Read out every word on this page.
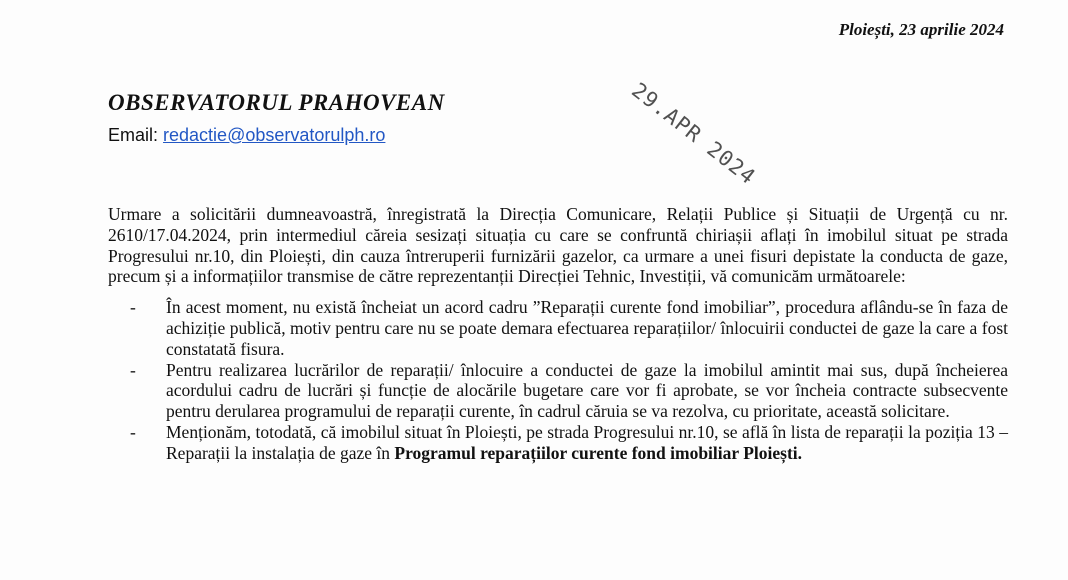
Ploiești, 23 aprilie 2024
29.APR 2024
OBSERVATORUL PRAHOVEAN
Email: redactie@observatorulph.ro

Urmare a solicitării dumneavoastră, înregistrată la Direcția Comunicare, Relații Publice și Situații de Urgență cu nr. 2610/17.04.2024, prin intermediul căreia sesizați situația cu care se confruntă chiriașii aflați în imobilul situat pe strada Progresului nr.10, din Ploiești, din cauza întreruperii furnizării gazelor, ca urmare a unei fisuri depistate la conducta de gaze, precum și a informațiilor transmise de către reprezentanții Direcției Tehnic, Investiții, vă comunicăm următoarele:

- În acest moment, nu există încheiat un acord cadru ”Reparații curente fond imobiliar”, procedura aflându-se în faza de achiziție publică, motiv pentru care nu se poate demara efectuarea reparațiilor/ înlocuirii conductei de gaze la care a fost constatată fisura.
- Pentru realizarea lucrărilor de reparații/ înlocuire a conductei de gaze la imobilul amintit mai sus, după încheierea acordului cadru de lucrări și funcție de alocările bugetare care vor fi aprobate, se vor încheia contracte subsecvente pentru derularea programului de reparații curente, în cadrul căruia se va rezolva, cu prioritate, această solicitare.
- Menționăm, totodată, că imobilul situat în Ploiești, pe strada Progresului nr.10, se află în lista de reparații la poziția 13 – Reparații la instalația de gaze în Programul reparațiilor curente fond imobiliar Ploiești.
